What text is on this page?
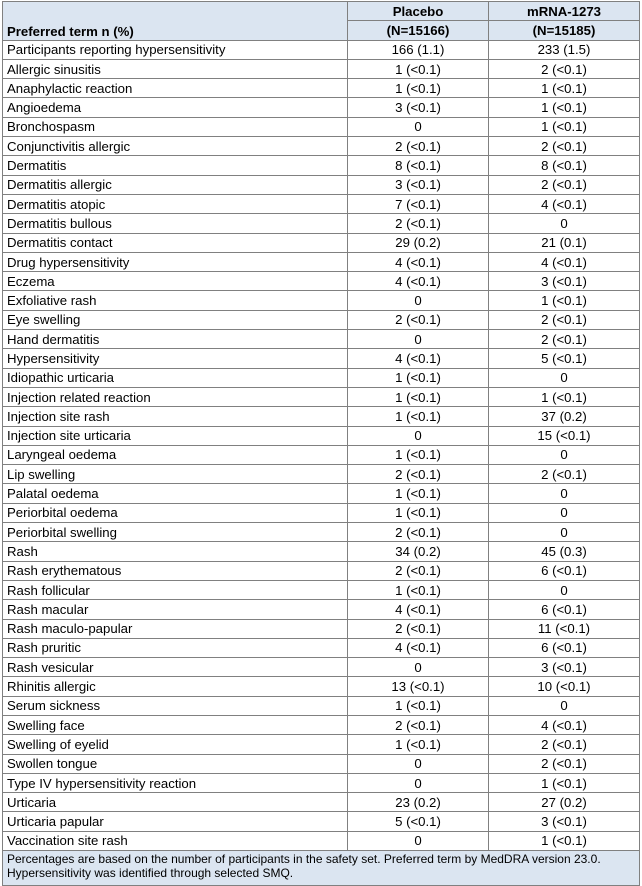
Preferred term n (%)	Placebo	mRNA-1273
	(N=15166)	(N=15185)
Participants reporting hypersensitivity	166 (1.1)	233 (1.5)
Allergic sinusitis	1 (<0.1)	2 (<0.1)
Anaphylactic reaction	1 (<0.1)	1 (<0.1)
Angioedema	3 (<0.1)	1 (<0.1)
Bronchospasm	0	1 (<0.1)
Conjunctivitis allergic	2 (<0.1)	2 (<0.1)
Dermatitis	8 (<0.1)	8 (<0.1)
Dermatitis allergic	3 (<0.1)	2 (<0.1)
Dermatitis atopic	7 (<0.1)	4 (<0.1)
Dermatitis bullous	2 (<0.1)	0
Dermatitis contact	29 (0.2)	21 (0.1)
Drug hypersensitivity	4 (<0.1)	4 (<0.1)
Eczema	4 (<0.1)	3 (<0.1)
Exfoliative rash	0	1 (<0.1)
Eye swelling	2 (<0.1)	2 (<0.1)
Hand dermatitis	0	2 (<0.1)
Hypersensitivity	4 (<0.1)	5 (<0.1)
Idiopathic urticaria	1 (<0.1)	0
Injection related reaction	1 (<0.1)	1 (<0.1)
Injection site rash	1 (<0.1)	37 (0.2)
Injection site urticaria	0	15 (<0.1)
Laryngeal oedema	1 (<0.1)	0
Lip swelling	2 (<0.1)	2 (<0.1)
Palatal oedema	1 (<0.1)	0
Periorbital oedema	1 (<0.1)	0
Periorbital swelling	2 (<0.1)	0
Rash	34 (0.2)	45 (0.3)
Rash erythematous	2 (<0.1)	6 (<0.1)
Rash follicular	1 (<0.1)	0
Rash macular	4 (<0.1)	6 (<0.1)
Rash maculo-papular	2 (<0.1)	11 (<0.1)
Rash pruritic	4 (<0.1)	6 (<0.1)
Rash vesicular	0	3 (<0.1)
Rhinitis allergic	13 (<0.1)	10 (<0.1)
Serum sickness	1 (<0.1)	0
Swelling face	2 (<0.1)	4 (<0.1)
Swelling of eyelid	1 (<0.1)	2 (<0.1)
Swollen tongue	0	2 (<0.1)
Type IV hypersensitivity reaction	0	1 (<0.1)
Urticaria	23 (0.2)	27 (0.2)
Urticaria papular	5 (<0.1)	3 (<0.1)
Vaccination site rash	0	1 (<0.1)
Percentages are based on the number of participants in the safety set. Preferred term by MedDRA version 23.0. Hypersensitivity was identified through selected SMQ.		
